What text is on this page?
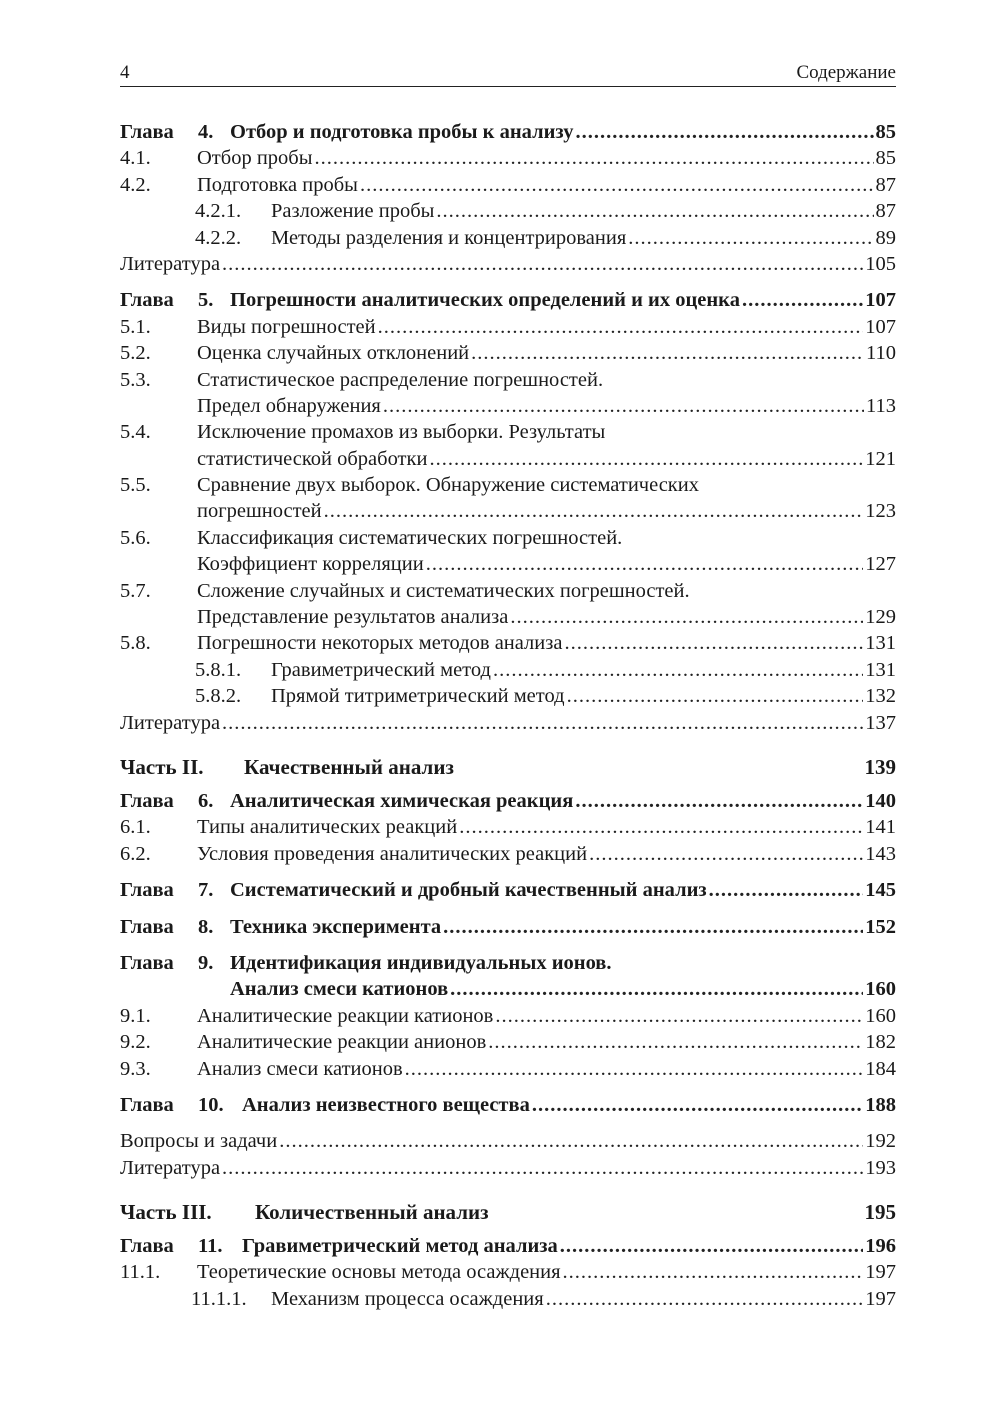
4	Содержание
Глава 4. Отбор и подготовка пробы к анализу .....	85
4.1. Отбор пробы .....	85
4.2. Подготовка пробы .....	87
4.2.1. Разложение пробы .....	87
4.2.2. Методы разделения и концентрирования .....	89
Литература .....	105
Глава 5. Погрешности аналитических определений и их оценка .....	107
5.1. Виды погрешностей .....	107
5.2. Оценка случайных отклонений .....	110
5.3. Статистическое распределение погрешностей.
Предел обнаружения .....	113
5.4. Исключение промахов из выборки. Результаты
статистической обработки .....	121
5.5. Сравнение двух выборок. Обнаружение систематических
погрешностей .....	123
5.6. Классификация систематических погрешностей.
Коэффициент корреляции .....	127
5.7. Сложение случайных и систематических погрешностей.
Представление результатов анализа .....	129
5.8. Погрешности некоторых методов анализа .....	131
5.8.1. Гравиметрический метод .....	131
5.8.2. Прямой титриметрический метод .....	132
Литература .....	137
Часть II. Качественный анализ	139
Глава 6. Аналитическая химическая реакция .....	140
6.1. Типы аналитических реакций .....	141
6.2. Условия проведения аналитических реакций .....	143
Глава 7. Систематический и дробный качественный анализ .....	145
Глава 8. Техника эксперимента .....	152
Глава 9. Идентификация индивидуальных ионов.
Анализ смеси катионов .....	160
9.1. Аналитические реакции катионов .....	160
9.2. Аналитические реакции анионов .....	182
9.3. Анализ смеси катионов .....	184
Глава 10. Анализ неизвестного вещества .....	188
Вопросы и задачи .....	192
Литература .....	193
Часть III. Количественный анализ	195
Глава 11. Гравиметрический метод анализа .....	196
11.1. Теоретические основы метода осаждения .....	197
11.1.1. Механизм процесса осаждения .....	197
